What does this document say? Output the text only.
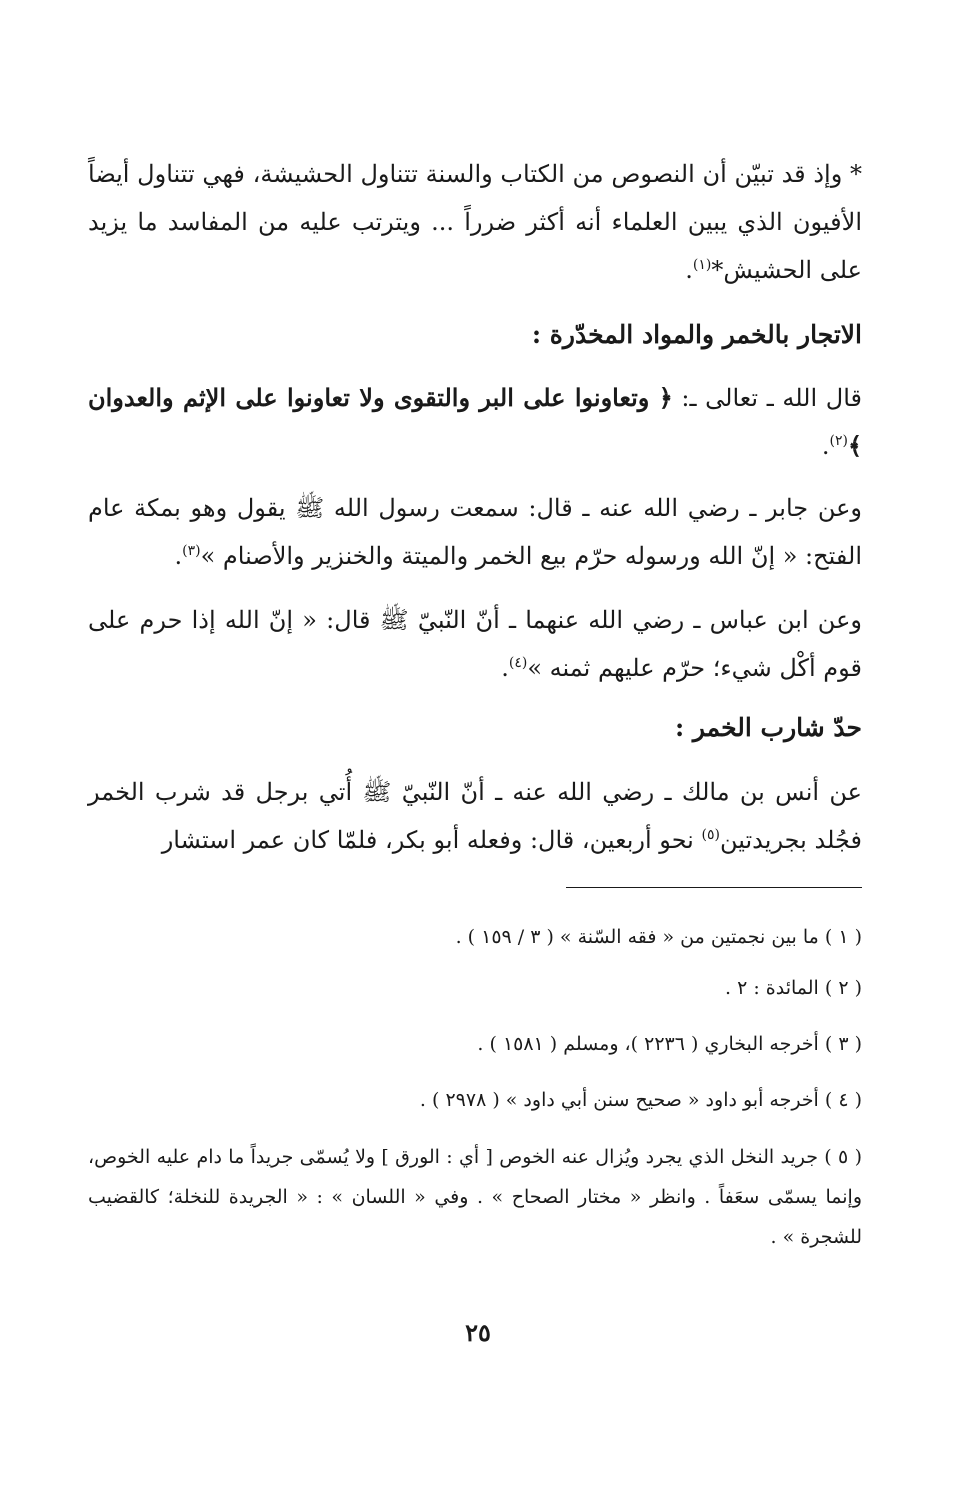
* وإذ قد تبيّن أن النصوص من الكتاب والسنة تتناول الحشيشة، فهي تتناول أيضاً الأفيون الذي يبين العلماء أنه أكثر ضرراً ... ويترتب عليه من المفاسد ما يزيد على الحشيش*$^{(١)}$.

الاتجار بالخمر والمواد المخدّرة :

قال الله ـ تعالى ـ: ﴿ وتعاونوا على البر والتقوى ولا تعاونوا على الإثم والعدوان ﴾$^{(٢)}$.

وعن جابر ـ رضي الله عنه ـ قال: سمعت رسول الله ﷺ يقول وهو بمكة عام الفتح: « إنّ الله ورسوله حرّم بيع الخمر والميتة والخنزير والأصنام »$^{(٣)}$.

وعن ابن عباس ـ رضي الله عنهما ـ أنّ النّبيّ ﷺ قال: « إنّ الله إذا حرم على قوم أكْل شيء؛ حرّم عليهم ثمنه »$^{(٤)}$.

حدّ شارب الخمر :

عن أنس بن مالك ـ رضي الله عنه ـ أنّ النّبيّ ﷺ أُتي برجل قد شرب الخمر فجُلد بجريدتين$^{(٥)}$ نحو أربعين، قال: وفعله أبو بكر، فلمّا كان عمر استشار

( ١ ) ما بين نجمتين من « فقه السّنة » ( ٣ / ١٥٩ ) .

( ٢ ) المائدة : ٢ .

( ٣ ) أخرجه البخاري ( ٢٢٣٦ )، ومسلم ( ١٥٨١ ) .

( ٤ ) أخرجه أبو داود « صحيح سنن أبي داود » ( ٢٩٧٨ ) .

( ٥ ) جريد النخل الذي يجرد ويُزال عنه الخوص [ أي : الورق ] ولا يُسمّى جريداً ما دام عليه الخوص، وإنما يسمّى سعَفاً . وانظر « مختار الصحاح » . وفي « اللسان » : « الجريدة للنخلة؛ كالقضيب للشجرة » .

٢٥
